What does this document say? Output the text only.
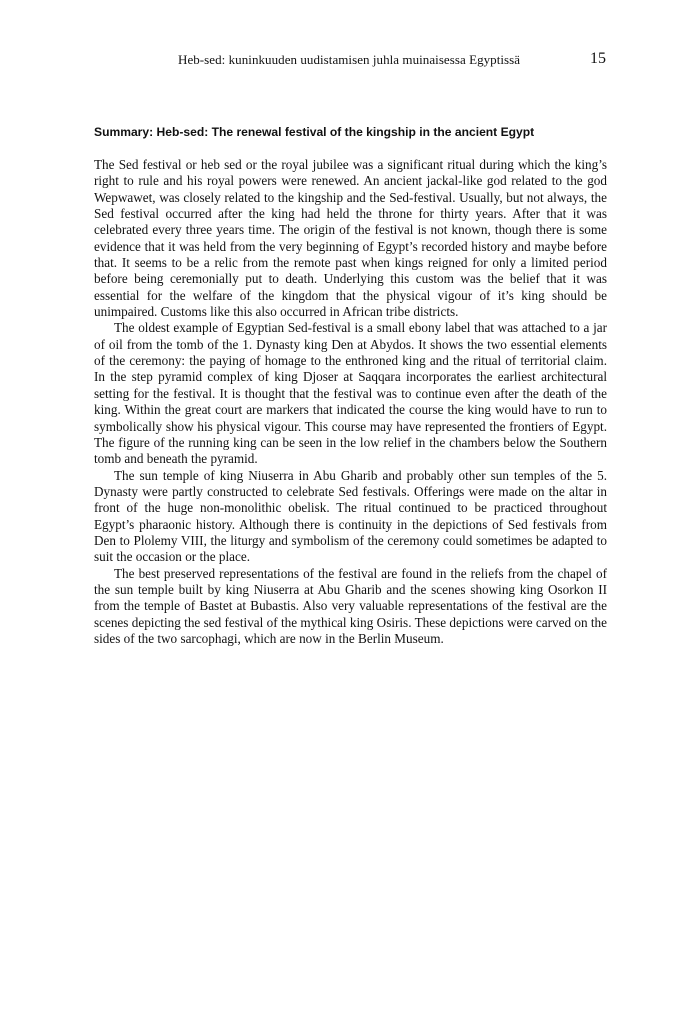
Heb-sed: kuninkuuden uudistamisen juhla muinaisessa Egyptissä	15
Summary: Heb-sed: The renewal festival of the kingship in the ancient Egypt

The Sed festival or heb sed or the royal jubilee was a significant ritual during which the king’s right to rule and his royal powers were renewed. An ancient jackal-like god related to the god Wepwawet, was closely related to the kingship and the Sed-festival. Usually, but not always, the Sed festival occurred after the king had held the throne for thirty years. After that it was celebrated every three years time. The origin of the festival is not known, though there is some evidence that it was held from the very beginning of Egypt’s recorded history and maybe before that. It seems to be a relic from the remote past when kings reigned for only a limited period before being ceremonially put to death. Underlying this custom was the belief that it was essential for the welfare of the kingdom that the physical vigour of it’s king should be unimpaired. Customs like this also occurred in African tribe districts.

The oldest example of Egyptian Sed-festival is a small ebony label that was attached to a jar of oil from the tomb of the 1. Dynasty king Den at Abydos. It shows the two essential elements of the ceremony: the paying of homage to the enthroned king and the ritual of territorial claim. In the step pyramid complex of king Djoser at Saqqara incorporates the earliest architectural setting for the festival. It is thought that the festival was to continue even after the death of the king. Within the great court are markers that indicated the course the king would have to run to symbolically show his physical vigour. This course may have represented the frontiers of Egypt. The figure of the running king can be seen in the low relief in the chambers below the Southern tomb and beneath the pyramid.

The sun temple of king Niuserra in Abu Gharib and probably other sun temples of the 5. Dynasty were partly constructed to celebrate Sed festivals. Offerings were made on the altar in front of the huge non-monolithic obelisk. The ritual continued to be practiced throughout Egypt’s pharaonic history. Although there is continuity in the depictions of Sed festivals from Den to Plolemy VIII, the liturgy and symbolism of the ceremony could sometimes be adapted to suit the occasion or the place.

The best preserved representations of the festival are found in the reliefs from the chapel of the sun temple built by king Niuserra at Abu Gharib and the scenes showing king Osorkon II from the temple of Bastet at Bubastis. Also very valuable representations of the festival are the scenes depicting the sed festival of the mythical king Osiris. These depictions were carved on the sides of the two sarcophagi, which are now in the Berlin Museum.
